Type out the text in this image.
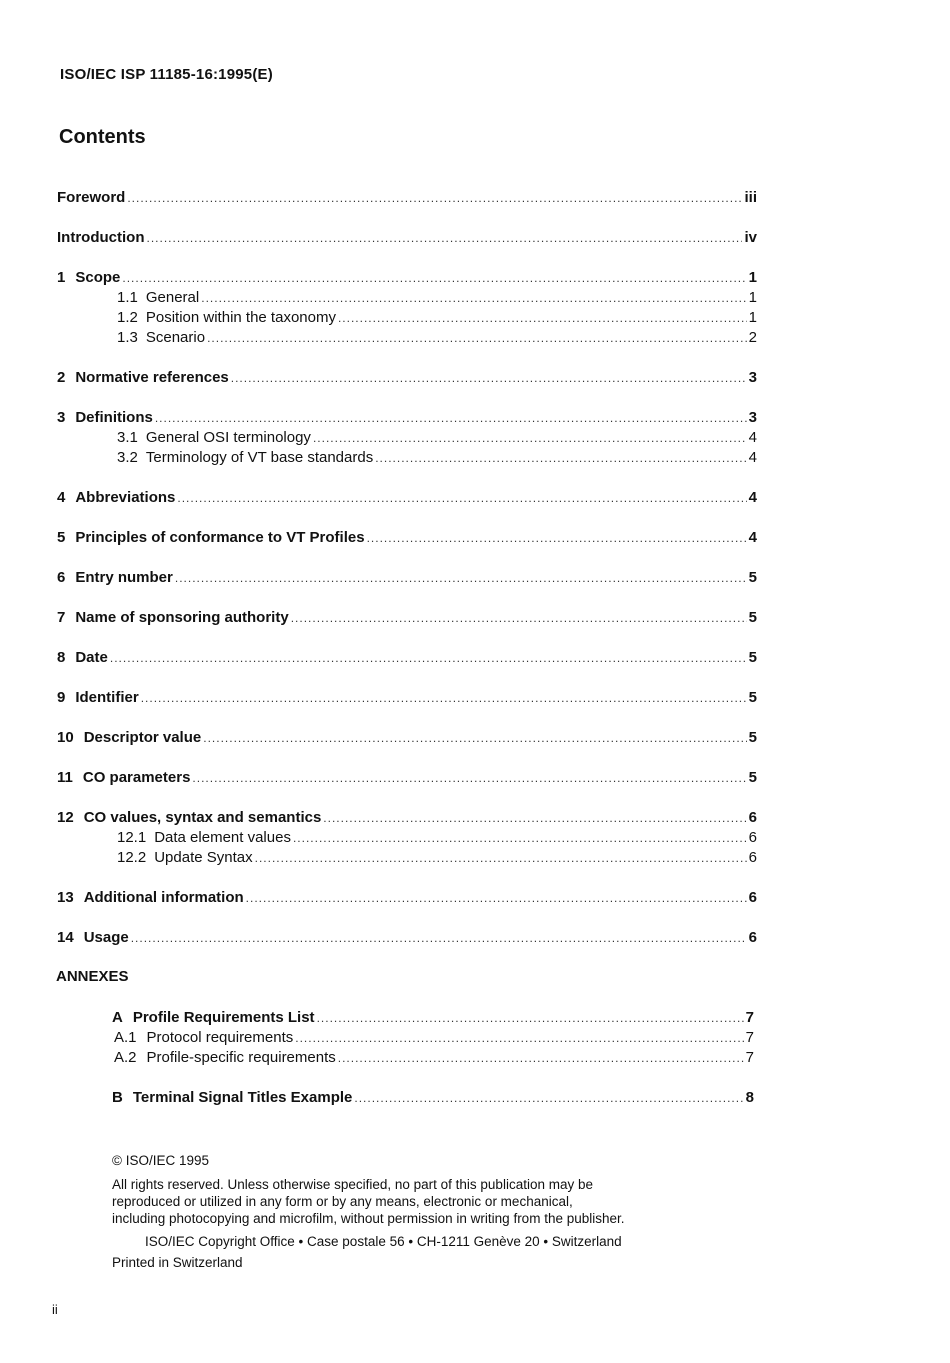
ISO/IEC ISP 11185-16:1995(E)
Contents
Foreword .....	iii
Introduction .....	iv
1 Scope .....	1
1.1 General .....	1
1.2 Position within the taxonomy .....	1
1.3 Scenario .....	2
2 Normative references .....	3
3 Definitions .....	3
3.1 General OSI terminology .....	4
3.2 Terminology of VT base standards .....	4
4 Abbreviations .....	4
5 Principles of conformance to VT Profiles .....	4
6 Entry number .....	5
7 Name of sponsoring authority .....	5
8 Date .....	5
9 Identifier .....	5
10 Descriptor value .....	5
11 CO parameters .....	5
12 CO values, syntax and semantics .....	6
12.1 Data element values .....	6
12.2 Update Syntax .....	6
13 Additional information .....	6
14 Usage .....	6
ANNEXES
A Profile Requirements List .....	7
A.1 Protocol requirements .....	7
A.2 Profile-specific requirements .....	7
B Terminal Signal Titles Example .....	8
© ISO/IEC 1995
All rights reserved. Unless otherwise specified, no part of this publication may be
reproduced or utilized in any form or by any means, electronic or mechanical,
including photocopying and microfilm, without permission in writing from the publisher.
ISO/IEC Copyright Office • Case postale 56 • CH-1211 Genève 20 • Switzerland
Printed in Switzerland
ii
